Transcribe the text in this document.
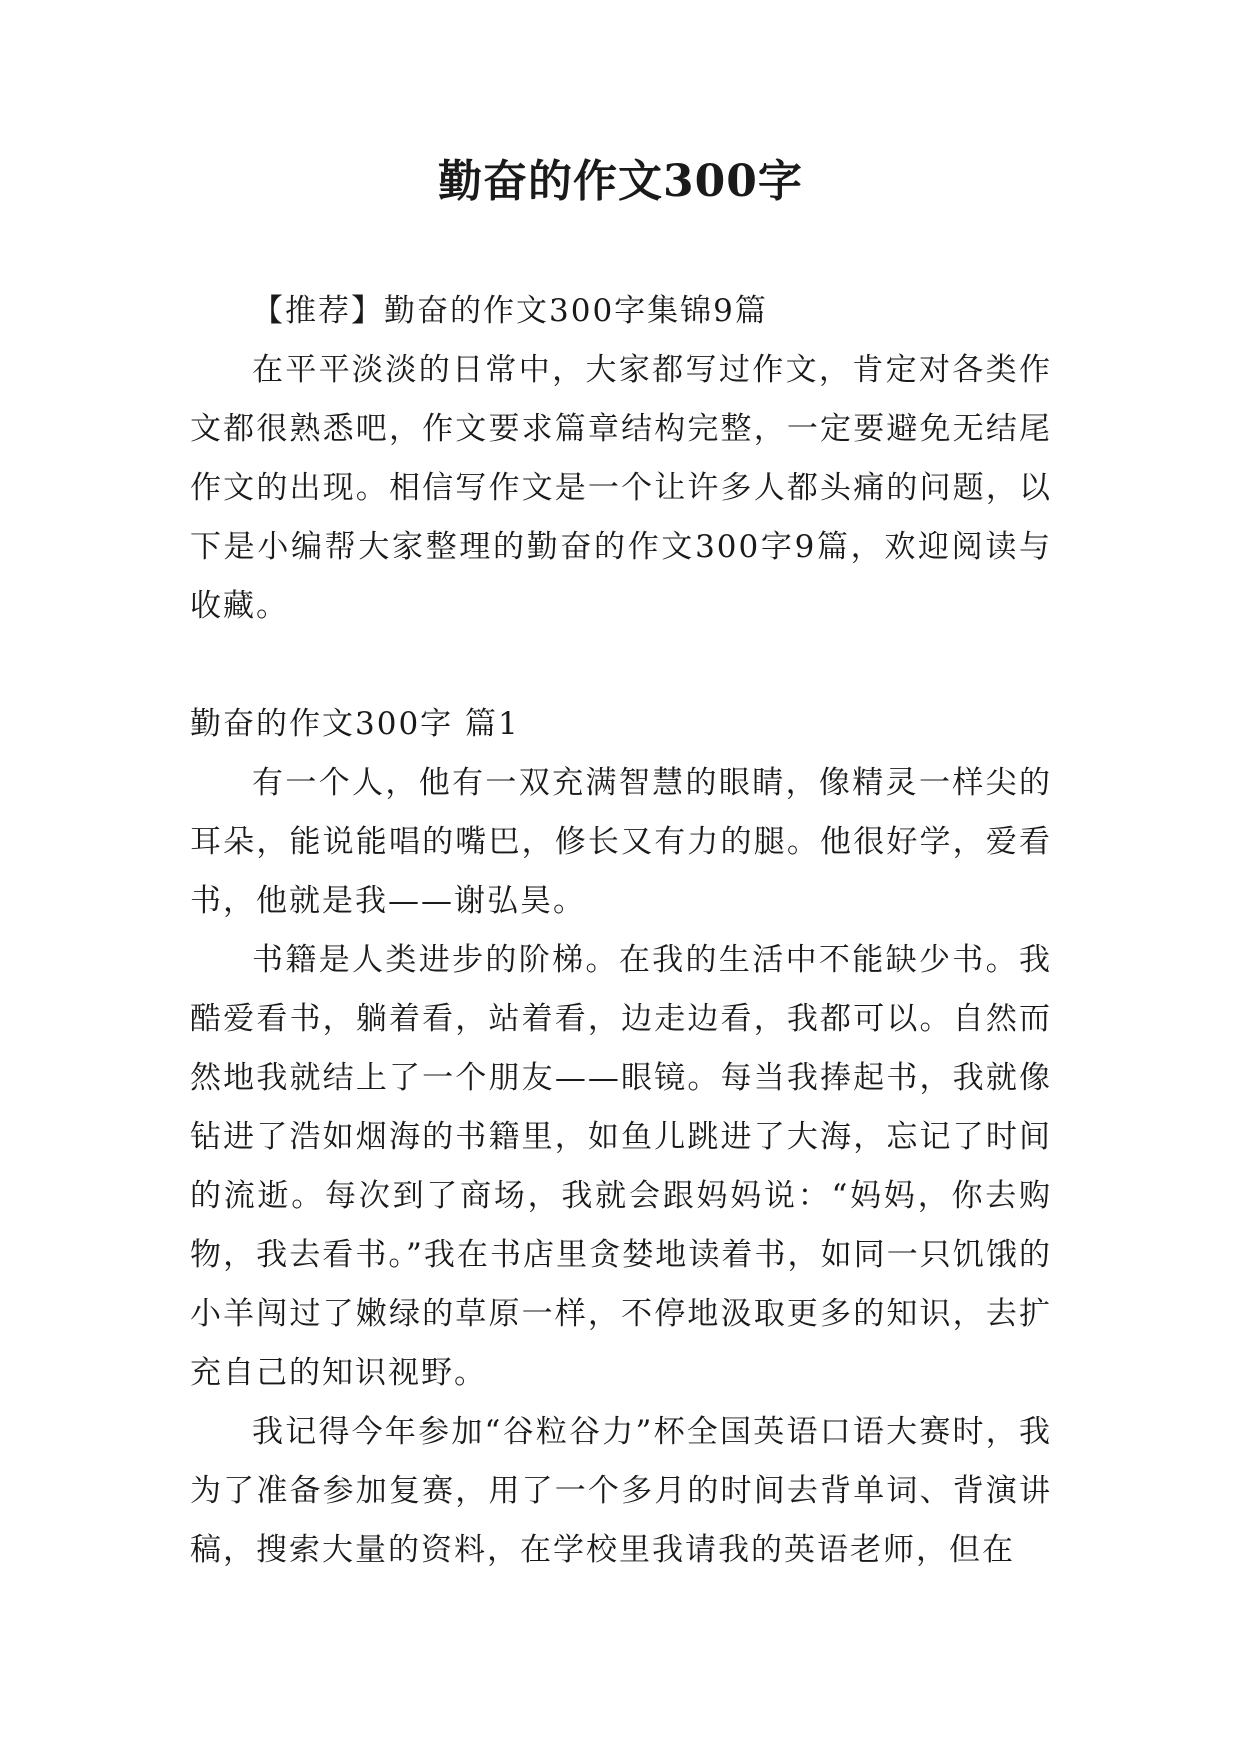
勤奋的作文300字

【推荐】勤奋的作文300字集锦9篇

在平平淡淡的日常中，大家都写过作文，肯定对各类作文都很熟悉吧，作文要求篇章结构完整，一定要避免无结尾作文的出现。相信写作文是一个让许多人都头痛的问题，以下是小编帮大家整理的勤奋的作文300字9篇，欢迎阅读与收藏。

勤奋的作文300字 篇1

有一个人，他有一双充满智慧的眼睛，像精灵一样尖的耳朵，能说能唱的嘴巴，修长又有力的腿。他很好学，爱看书，他就是我——谢弘昊。

书籍是人类进步的阶梯。在我的生活中不能缺少书。我酷爱看书，躺着看，站着看，边走边看，我都可以。自然而然地我就结上了一个朋友——眼镜。每当我捧起书，我就像钻进了浩如烟海的书籍里，如鱼儿跳进了大海，忘记了时间的流逝。每次到了商场，我就会跟妈妈说：“妈妈，你去购物，我去看书。”我在书店里贪婪地读着书，如同一只饥饿的小羊闯过了嫩绿的草原一样，不停地汲取更多的知识，去扩充自己的知识视野。

我记得今年参加“谷粒谷力”杯全国英语口语大赛时，我为了准备参加复赛，用了一个多月的时间去背单词、背演讲稿，搜索大量的资料，在学校里我请我的英语老师，但在
